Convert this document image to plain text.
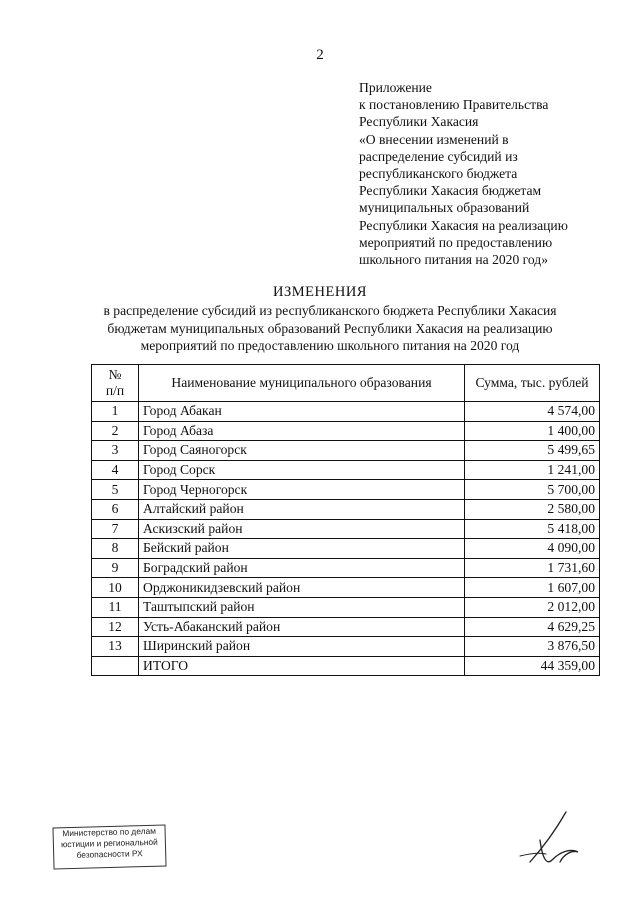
2
Приложение
к постановлению Правительства
Республики Хакасия
«О внесении изменений в
распределение субсидий из
республиканского бюджета
Республики Хакасия бюджетам
муниципальных образований
Республики Хакасия на реализацию
мероприятий по предоставлению
школьного питания на 2020 год»
ИЗМЕНЕНИЯ
в распределение субсидий из республиканского бюджета Республики Хакасия
бюджетам муниципальных образований Республики Хакасия на реализацию
мероприятий по предоставлению школьного питания на 2020 год
№
п/п	Наименование муниципального образования	Сумма, тыс. рублей
1	Город Абакан	4 574,00
2	Город Абаза	1 400,00
3	Город Саяногорск	5 499,65
4	Город Сорск	1 241,00
5	Город Черногорск	5 700,00
6	Алтайский район	2 580,00
7	Аскизский район	5 418,00
8	Бейский район	4 090,00
9	Боградский район	1 731,60
10	Орджоникидзевский район	1 607,00
11	Таштыпский район	2 012,00
12	Усть-Абаканский район	4 629,25
13	Ширинский район	3 876,50
	ИТОГО	44 359,00
Министерство по делам
юстиции и региональной
безопасности РХ
